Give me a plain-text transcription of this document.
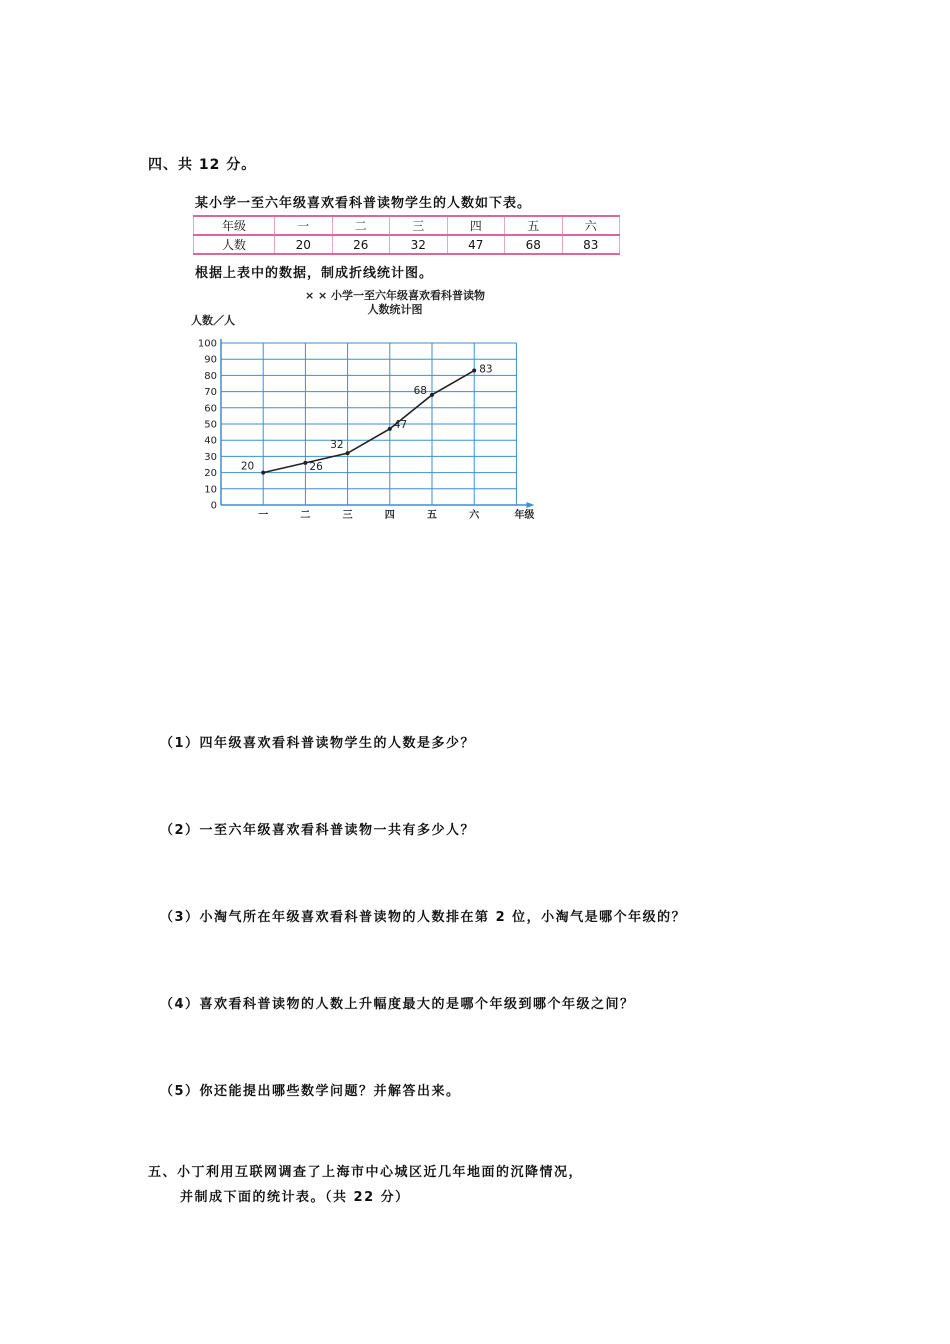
四、共 12 分。
某小学一至六年级喜欢看科普读物学生的人数如下表。
年级	一	二	三	四	五	六
人数	20	26	32	47	68	83
根据上表中的数据，制成折线统计图。
× × 小学一至六年级喜欢看科普读物
人数统计图
人数／人
0
10
20
30
40
50
60
70
80
90
100
一	二	三	四	五	六	年级
20	26
32
47
68
83
（1）四年级喜欢看科普读物学生的人数是多少？
（2）一至六年级喜欢看科普读物一共有多少人？
（3）小淘气所在年级喜欢看科普读物的人数排在第 2 位，小淘气是哪个年级的？
（4）喜欢看科普读物的人数上升幅度最大的是哪个年级到哪个年级之间？
（5）你还能提出哪些数学问题？并解答出来。
五、小丁利用互联网调查了上海市中心城区近几年地面的沉降情况，
并制成下面的统计表。（共 22 分）
